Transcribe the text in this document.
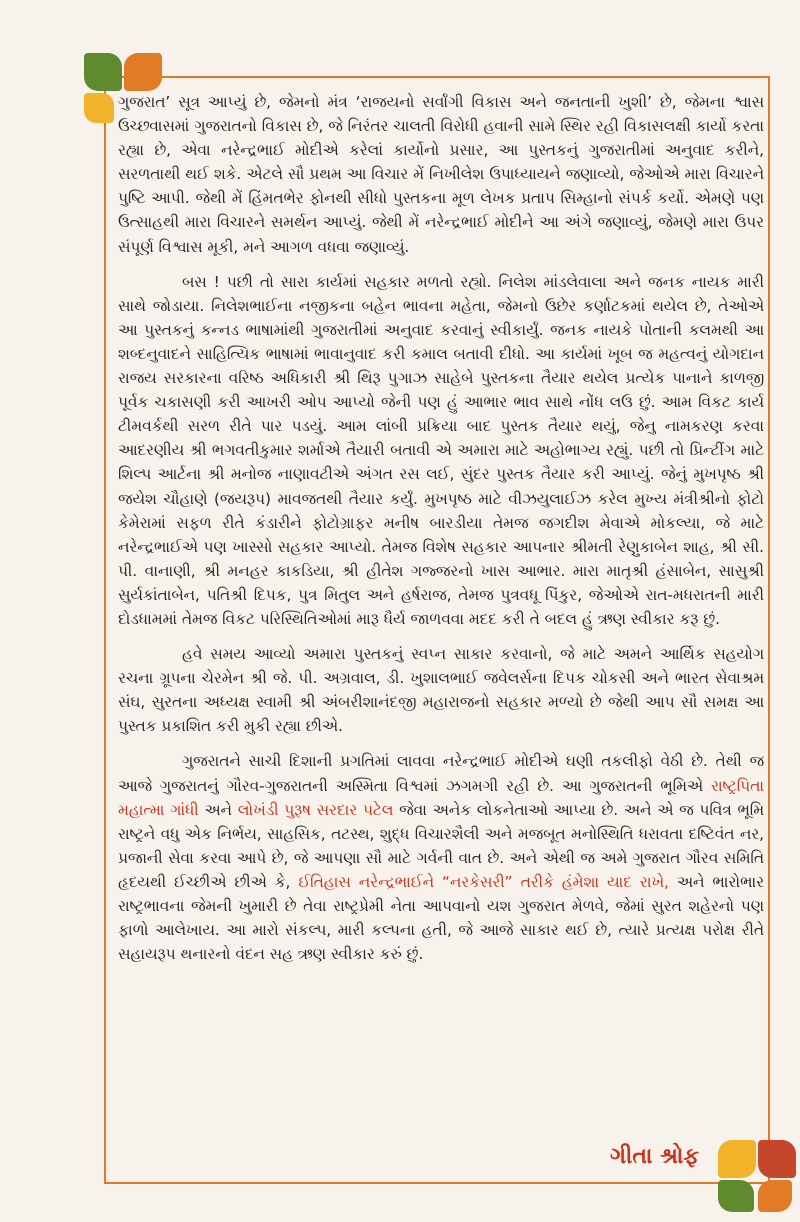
ગુજરાત’ સૂત્ર આપ્યું છે, જેમનો મંત્ર ‘રાજયનો સર્વાંગી વિકાસ અને જનતાની ખુશી’ છે, જેમના શ્વાસ ઉચ્છ્વાસમાં ગુજરાતનો વિકાસ છે, જે નિરંતર ચાલતી વિરોધી હવાની સામે સ્થિર રહી વિકાસલક્ષી કાર્યો કરતા રહ્યા છે, એવા નરેન્દ્રભાઈ મોદીએ કરેલાં કાર્યોનો પ્રસાર, આ પુસ્તકનું ગુજરાતીમાં અનુવાદ કરીને, સરળતાથી થઈ શકે. એટલે સૌ પ્રથમ આ વિચાર મેં નિખીલેશ ઉપાધ્યાયને જણાવ્યો, જેઓએ મારા વિચારને પુષ્ટિ આપી. જેથી મેં હિંમતભેર ફોનથી સીધો પુસ્તકના મૂળ લેખક પ્રતાપ સિમ્હાનો સંપર્ક કર્યો. એમણે પણ ઉત્સાહથી મારા વિચારને સમર્થન આપ્યું. જેથી મેં નરેન્દ્રભાઈ મોદીને આ અંગે જણાવ્યું, જેમણે મારા ઉપર સંપૂર્ણ વિશ્વાસ મૂકી, મને આગળ વધવા જણાવ્યું.

બસ ! પછી તો સારા કાર્યમાં સહકાર મળતો રહ્યો. નિલેશ માંડલેવાલા અને જનક નાયક મારી સાથે જોડાયા. નિલેશભાઈના નજીકના બહેન ભાવના મહેતા, જેમનો ઉછેર કર્ણાટકમાં થયેલ છે, તેઓએ આ પુસ્તકનું કન્નડ ભાષામાંથી ગુજરાતીમાં અનુવાદ કરવાનું સ્વીકાર્યું. જનક નાયકે પોતાની કલમથી આ શબ્દનુવાદને સાહિત્યિક ભાષામાં ભાવાનુવાદ કરી કમાલ બતાવી દીધો. આ કાર્યમાં ખૂબ જ મહત્વનું યોગદાન રાજય સરકારના વરિષ્ઠ અધિકારી શ્રી થિરૂ પુગાઝ સાહેબે પુસ્તકના તૈયાર થયેલ પ્રત્યેક પાનાને કાળજી પૂર્વક ચકાસણી કરી આખરી ઓપ આપ્યો જેની પણ હું આભાર ભાવ સાથે નોંધ લઉ છું. આમ વિકટ કાર્ય ટીમવર્કથી સરળ રીતે પાર પડયું. આમ લાંબી પ્રક્રિયા બાદ પુસ્તક તૈયાર થયું, જેનુ નામકરણ કરવા આદરણીય શ્રી ભગવતીકુમાર શર્માએ તૈયારી બતાવી એ અમારા માટે અહોભાગ્ય રહ્યું. પછી તો પ્રિન્ટીંગ માટે શિલ્પ આર્ટના શ્રી મનોજ નાણાવટીએ અંગત રસ લઈ, સુંદર પુસ્તક તૈયાર કરી આપ્યું. જેનું મુખપૃષ્ઠ શ્રી જયેશ ચૌહાણે (જયરૂપ) માવજતથી તૈયાર કર્યું. મુખપૃષ્ઠ માટે વીઝયુલાઈઝ કરેલ મુખ્ય મંત્રીશ્રીનો ફોટો કેમેરામાં સફળ રીતે કંડારીને ફોટોગ્રાફર મનીષ બારડીયા તેમજ જગદીશ મેવાએ મોકલ્યા, જે માટે નરેન્દ્રભાઈએ પણ ખાસ્સો સહકાર આપ્યો. તેમજ વિશેષ સહકાર આપનાર શ્રીમતી રેણુકાબેન શાહ, શ્રી સી. પી. વાનાણી, શ્રી મનહર કાકડિયા, શ્રી હીતેશ ગજ્જરનો ખાસ આભાર. મારા માતૃશ્રી હંસાબેન, સાસુશ્રી સુર્યકાંતાબેન, પતિશ્રી દિપક, પુત્ર મિતુલ અને હર્ષરાજ, તેમજ પુત્રવધૂ પિંકુર, જેઓએ રાત-મધરાતની મારી દોડધામમાં તેમજ વિકટ પરિસ્થિતિઓમાં મારૂ ધૈર્ય જાળવવા મદદ કરી તે બદલ હું ઋણ સ્વીકાર કરૂ છું.

હવે સમય આવ્યો અમારા પુસ્તકનું સ્વપ્ન સાકાર કરવાનો, જે માટે અમને આર્થિક સહયોગ રચના ગ્રૂપના ચેરમેન શ્રી જે. પી. અગ્રવાલ, ડી. ખુશાલભાઈ જવેલર્સના દિપક ચોકસી અને ભારત સેવાશ્રમ સંઘ, સુરતના અધ્યક્ષ સ્વામી શ્રી અંબરીશાનંદજી મહારાજનો સહકાર મળ્યો છે જેથી આપ સૌ સમક્ષ આ પુસ્તક પ્રકાશિત કરી મુકી રહ્યા છીએ.

ગુજરાતને સાચી દિશાની પ્રગતિમાં લાવવા નરેન્દ્રભાઈ મોદીએ ઘણી તકલીફો વેઠી છે. તેથી જ આજે ગુજરાતનું ગૌરવ-ગુજરાતની અસ્મિતા વિશ્વમાં ઝગમગી રહી છે. આ ગુજરાતની ભૂમિએ રાષ્ટ્રપિતા મહાત્મા ગાંધી અને લોખંડી પુરૂષ સરદાર પટેલ જેવા અનેક લોકનેતાઓ આપ્યા છે. અને એ જ પવિત્ર ભૂમિ રાષ્ટ્રને વધુ એક નિર્ભય, સાહસિક, તટસ્થ, શુદ્ધ વિચારશૈલી અને મજબૂત મનોસ્થિતિ ધરાવતા દષ્ટિવંત નર, પ્રજાની સેવા કરવા આપે છે, જે આપણા સૌ માટે ગર્વની વાત છે. અને એથી જ અમે ગુજરાત ગૌરવ સમિતિ હૃદયથી ઈચ્છીએ છીએ કે, ઈતિહાસ નરેન્દ્રભાઈને “નરકેસરી” તરીકે હંમેશા યાદ રાખે, અને ભારોભાર રાષ્ટ્રભાવના જેમની ખુમારી છે તેવા રાષ્ટ્રપ્રેમી નેતા આપવાનો યશ ગુજરાત મેળવે, જેમાં સુરત શહેરનો પણ ફાળો આલેખાય. આ મારો સંકલ્પ, મારી કલ્પના હતી, જે આજે સાકાર થઈ છે, ત્યારે પ્રત્યક્ષ પરોક્ષ રીતે સહાયરૂપ થનારનો વંદન સહ ઋણ સ્વીકાર કરું છું.

ગીતા શ્રોફ
